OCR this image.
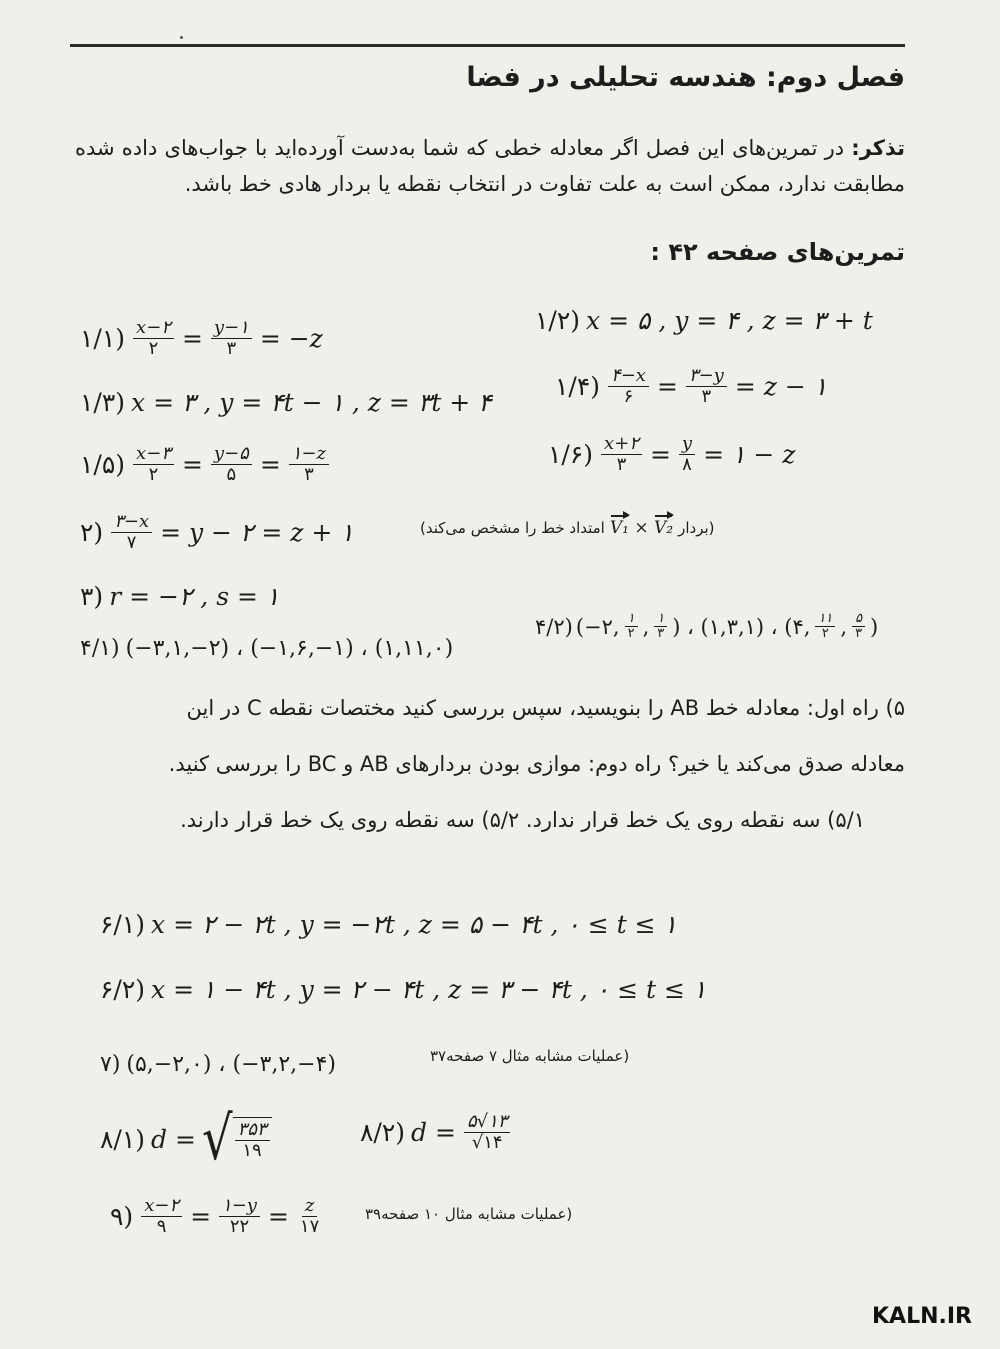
فصل دوم: هندسه تحلیلی در فضا
تذکر: در تمرین‌های این فصل اگر معادله خطی که شما به‌دست آورده‌اید با جواب‌های داده شده مطابقت ندارد، ممکن است به علت تفاوت در انتخاب نقطه یا بردار هادی خط باشد.
تمرین‌های صفحه ۴۲ :
۱/۱) $\frac{x-۲}{۲} = \frac{y-۱}{۳} = -z$
۱/۲) x = ۵ , y = ۴ , z = ۳ + t
۱/۳) x = ۳ , y = ۴t − ۱ , z = ۳t + ۴
۱/۴) $\frac{۴-x}{۶} = \frac{۳-y}{۳} = z$ − ۱
۱/۵) $\frac{x-۳}{۲} = \frac{y-۵}{۵} = \frac{۱-z}{۳}$	۱/۶) $\frac{x+۲}{۳} = \frac{y}{۸}$ = ۱ − z
۲) $\frac{۳-x}{۷} = y$ − ۲ = z + ۱	(بردار
V₁ × V₂
امتداد خط را مشخص می‌کند)
۳) r = −۲ , s = ۱
۴/۱) (−۳,۱,−۲) ، (−۱,۶,−۱) ، (۱,۱۱,۰)
۴/۲) (−۲, $\frac{۱}{۲}$ , $\frac{۱}{۳}$ ) ، (۱,۳,۱) ، (۴, $\frac{۱۱}{۲}$ , $\frac{۵}{۳}$ )
۵) راه اول: معادله خط AB را بنویسید، سپس بررسی کنید مختصات نقطه C در این
معادله صدق می‌کند یا خیر؟ راه دوم: موازی بودن بردارهای AB و BC را بررسی کنید.
۵/۱) سه نقطه روی یک خط قرار ندارد. ۵/۲) سه نقطه روی یک خط قرار دارند.
۶/۱) x = ۲ − ۲t , y = −۲t , z = ۵ − ۴t , ۰ ≤ t ≤ ۱
۶/۲) x = ۱ − ۴t , y = ۲ − ۴t , z = ۳ − ۴t , ۰ ≤ t ≤ ۱
۷) (۵,−۲,۰) ، (−۳,۲,−۴)	(عملیات مشابه مثال ۷ صفحه۳۷
۸/۱) d = √ $\frac{۳۵۳}{۱۹}$	۸/۲) $d = \frac{۵√۱۳}{√۱۴}$
۹) $\frac{x-۲}{۹} = \frac{۱-y}{۲۲} = \frac{z}{۱۷}$	(عملیات مشابه مثال ۱۰ صفحه۳۹
KALN.IR
